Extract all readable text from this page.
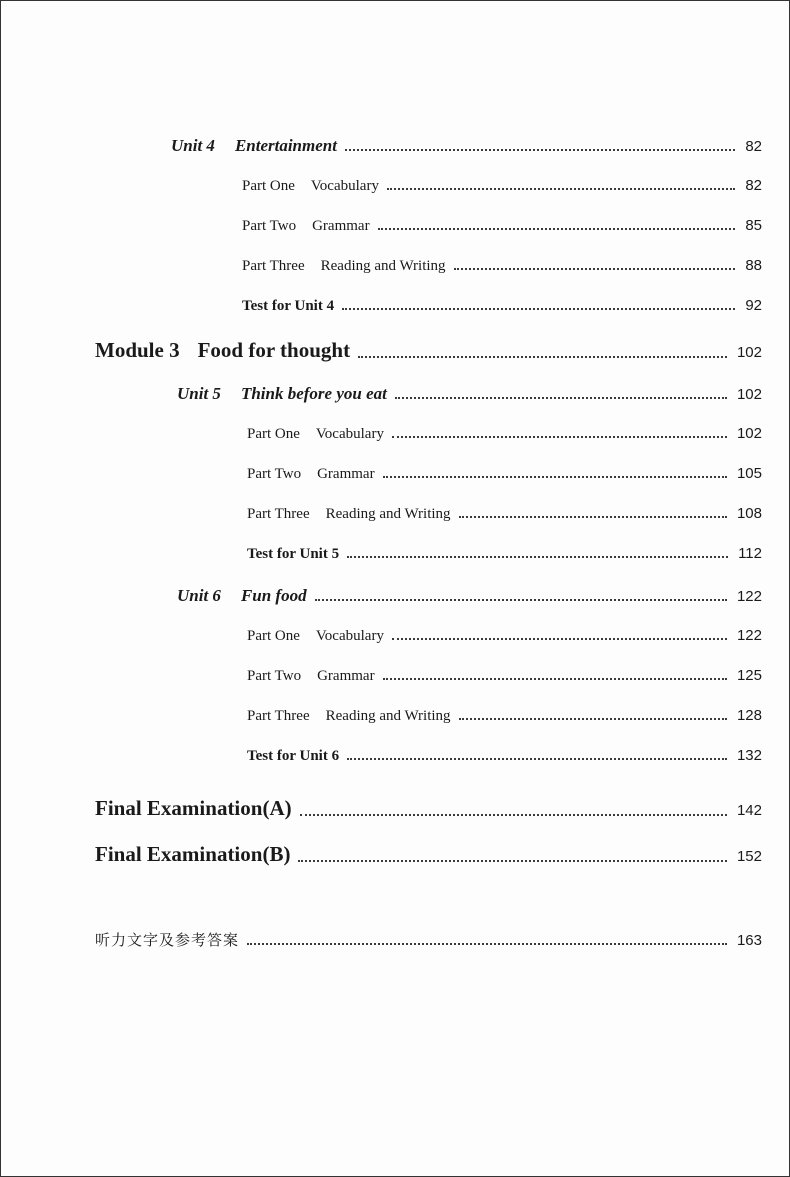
Unit 4 Entertainment	82
Part One Vocabulary	82
Part Two Grammar	85
Part Three Reading and Writing	88
Test for Unit 4	92
Module 3 Food for thought	102
Unit 5 Think before you eat	102
Part One Vocabulary	102
Part Two Grammar	105
Part Three Reading and Writing	108
Test for Unit 5	112
Unit 6 Fun food	122
Part One Vocabulary	122
Part Two Grammar	125
Part Three Reading and Writing	128
Test for Unit 6	132
Final Examination(A)	142
Final Examination(B)	152
听力文字及参考答案	163
